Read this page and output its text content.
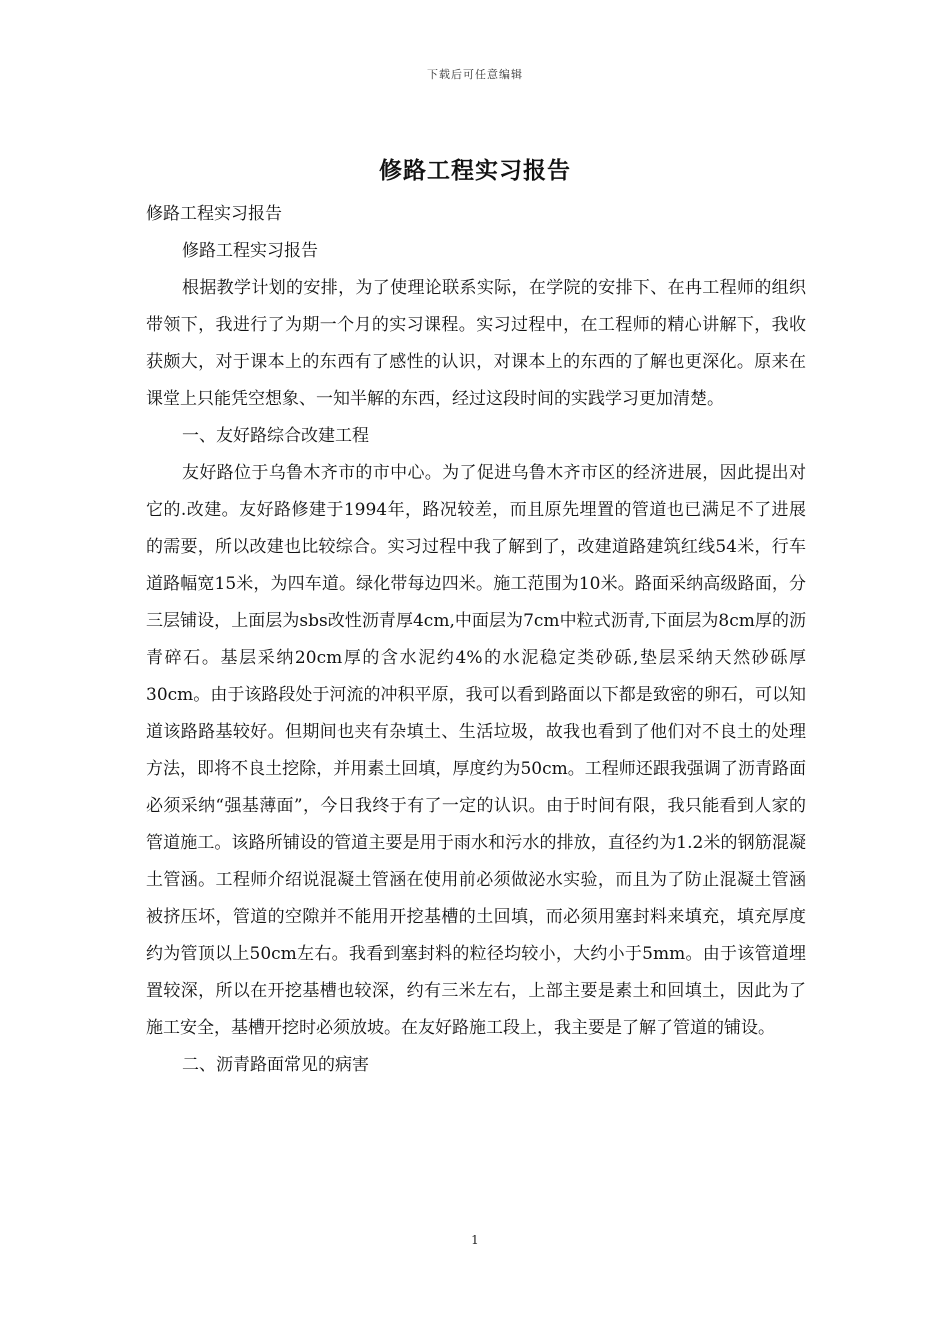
下载后可任意编辑
修路工程实习报告

修路工程实习报告

修路工程实习报告

根据教学计划的安排，为了使理论联系实际，在学院的安排下、在冉工程师的组织带领下，我进行了为期一个月的实习课程。实习过程中，在工程师的精心讲解下，我收获颇大，对于课本上的东西有了感性的认识，对课本上的东西的了解也更深化。原来在课堂上只能凭空想象、一知半解的东西，经过这段时间的实践学习更加清楚。

一、友好路综合改建工程

友好路位于乌鲁木齐市的市中心。为了促进乌鲁木齐市区的经济进展，因此提出对它的.改建。友好路修建于1994年，路况较差，而且原先埋置的管道也已满足不了进展的需要，所以改建也比较综合。实习过程中我了解到了，改建道路建筑红线54米，行车道路幅宽15米，为四车道。绿化带每边四米。施工范围为10米。路面采纳高级路面，分三层铺设，上面层为sbs改性沥青厚4cm,中面层为7cm中粒式沥青,下面层为8cm厚的沥青碎石。基层采纳20cm厚的含水泥约4%的水泥稳定类砂砾,垫层采纳天然砂砾厚30cm。由于该路段处于河流的冲积平原，我可以看到路面以下都是致密的卵石，可以知道该路路基较好。但期间也夹有杂填土、生活垃圾，故我也看到了他们对不良土的处理方法，即将不良土挖除，并用素土回填，厚度约为50cm。工程师还跟我强调了沥青路面必须采纳“强基薄面”，今日我终于有了一定的认识。由于时间有限，我只能看到人家的管道施工。该路所铺设的管道主要是用于雨水和污水的排放，直径约为1.2米的钢筋混凝土管涵。工程师介绍说混凝土管涵在使用前必须做泌水实验，而且为了防止混凝土管涵被挤压坏，管道的空隙并不能用开挖基槽的土回填，而必须用塞封料来填充，填充厚度约为管顶以上50cm左右。我看到塞封料的粒径均较小，大约小于5mm。由于该管道埋置较深，所以在开挖基槽也较深，约有三米左右，上部主要是素土和回填土，因此为了施工安全，基槽开挖时必须放坡。在友好路施工段上，我主要是了解了管道的铺设。

二、沥青路面常见的病害

1
